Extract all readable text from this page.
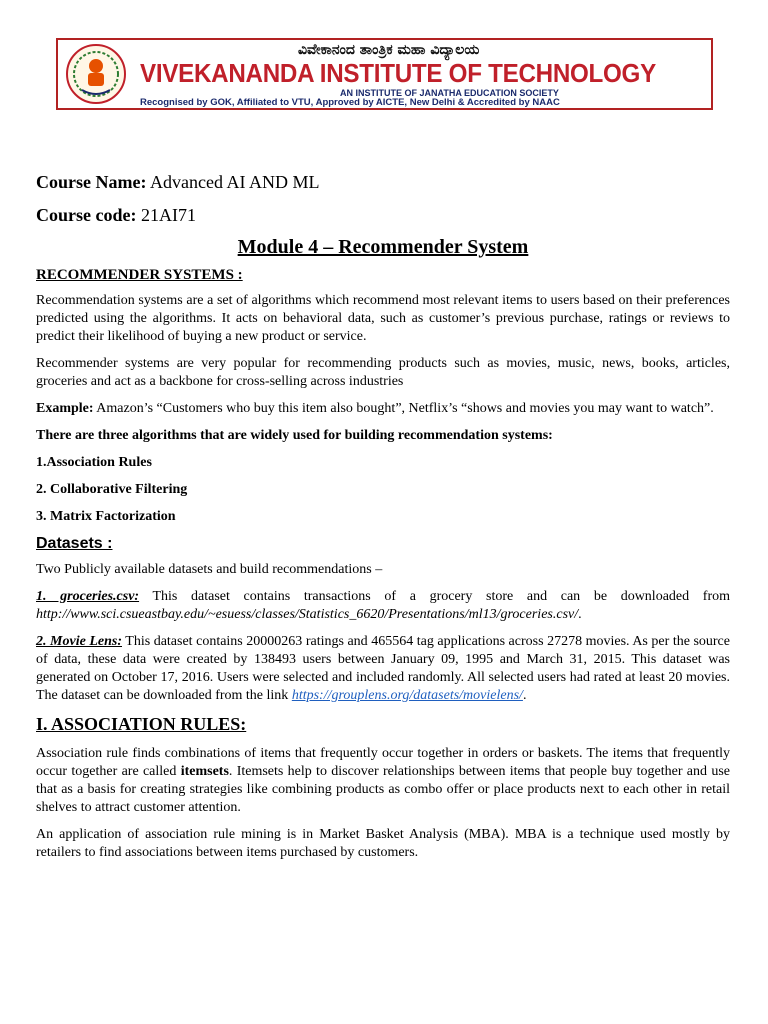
ವಿವೇಕಾನಂದ ತಾಂತ್ರಿಕ ಮಹಾ ವಿದ್ಯಾಲಯ
VIVEKANANDA INSTITUTE OF TECHNOLOGY
AN INSTITUTE OF JANATHA EDUCATION SOCIETY
Recognised by GOK, Affiliated to VTU, Approved by AICTE, New Delhi & Accredited by NAAC
Course Name: Advanced AI AND ML
Course code: 21AI71
Module 4 – Recommender System
RECOMMENDER SYSTEMS :

Recommendation systems are a set of algorithms which recommend most relevant items to users based on their preferences predicted using the algorithms. It acts on behavioral data, such as customer’s previous purchase, ratings or reviews to predict their likelihood of buying a new product or service.

Recommender systems are very popular for recommending products such as movies, music, news, books, articles, groceries and act as a backbone for cross-selling across industries

Example: Amazon’s “Customers who buy this item also bought”, Netflix’s “shows and movies you may want to watch”.

There are three algorithms that are widely used for building recommendation systems:
1.Association Rules
2. Collaborative Filtering
3. Matrix Factorization
Datasets :

Two Publicly available datasets and build recommendations –

1. groceries.csv: This dataset contains transactions of a grocery store and can be downloaded from http://www.sci.csueastbay.edu/~esuess/classes/Statistics_6620/Presentations/ml13/groceries.csv/.

2. Movie Lens: This dataset contains 20000263 ratings and 465564 tag applications across 27278 movies. As per the source of data, these data were created by 138493 users between January 09, 1995 and March 31, 2015. This dataset was generated on October 17, 2016. Users were selected and included randomly. All selected users had rated at least 20 movies. The dataset can be downloaded from the link https://grouplens.org/datasets/movielens/.

I. ASSOCIATION RULES:

Association rule finds combinations of items that frequently occur together in orders or baskets. The items that frequently occur together are called itemsets. Itemsets help to discover relationships between items that people buy together and use that as a basis for creating strategies like combining products as combo offer or place products next to each other in retail shelves to attract customer attention.

An application of association rule mining is in Market Basket Analysis (MBA). MBA is a technique used mostly by retailers to find associations between items purchased by customers.
